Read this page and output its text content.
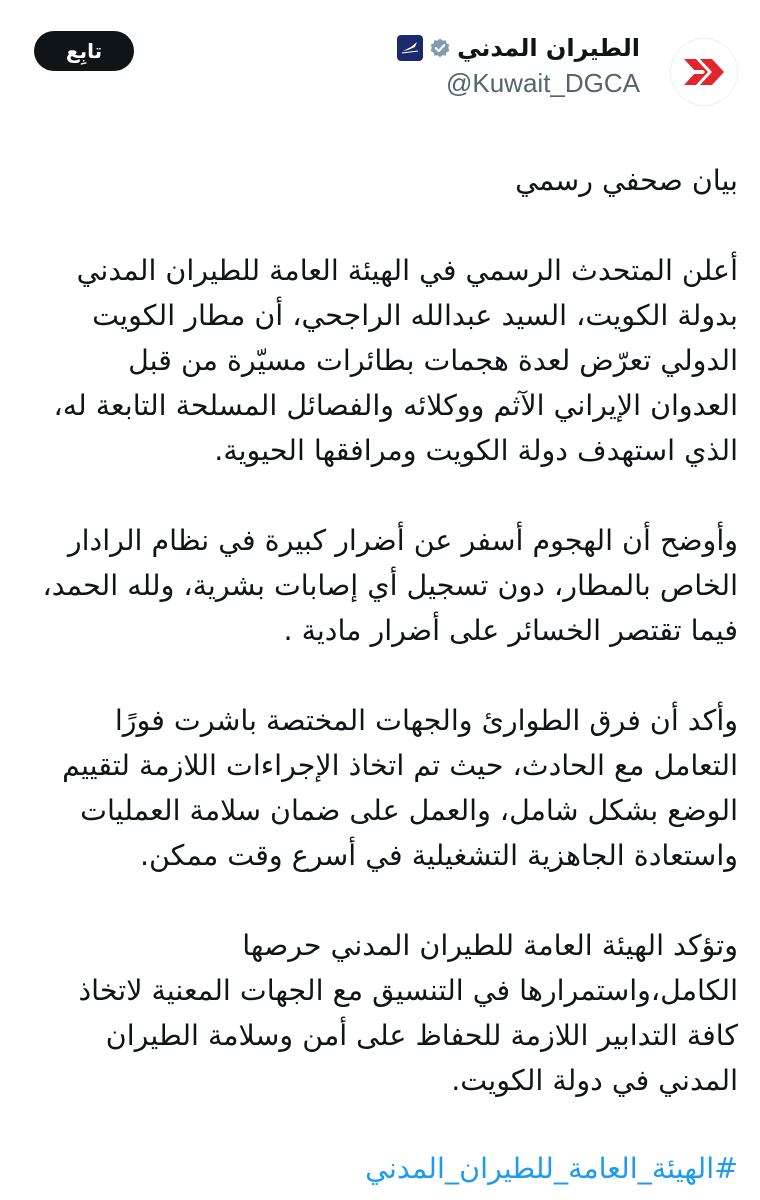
الطيران المدني
@Kuwait_DGCA
تابِع

بيان صحفي رسمي

أعلن المتحدث الرسمي في الهيئة العامة للطيران المدني
بدولة الكويت، السيد عبدالله الراجحي، أن مطار الكويت
الدولي تعرّض لعدة هجمات بطائرات مسيّرة من قبل
العدوان الإيراني الآثم ووكلائه والفصائل المسلحة التابعة له،
الذي استهدف دولة الكويت ومرافقها الحيوية.

وأوضح أن الهجوم أسفر عن أضرار كبيرة في نظام الرادار
الخاص بالمطار، دون تسجيل أي إصابات بشرية، ولله الحمد،
فيما تقتصر الخسائر على أضرار مادية .

وأكد أن فرق الطوارئ والجهات المختصة باشرت فورًا
التعامل مع الحادث، حيث تم اتخاذ الإجراءات اللازمة لتقييم
الوضع بشكل شامل، والعمل على ضمان سلامة العمليات
واستعادة الجاهزية التشغيلية في أسرع وقت ممكن.

وتؤكد الهيئة العامة للطيران المدني حرصها
الكامل،واستمرارها في التنسيق مع الجهات المعنية لاتخاذ
كافة التدابير اللازمة للحفاظ على أمن وسلامة الطيران
المدني في دولة الكويت.

#الهيئة_العامة_للطيران_المدني
